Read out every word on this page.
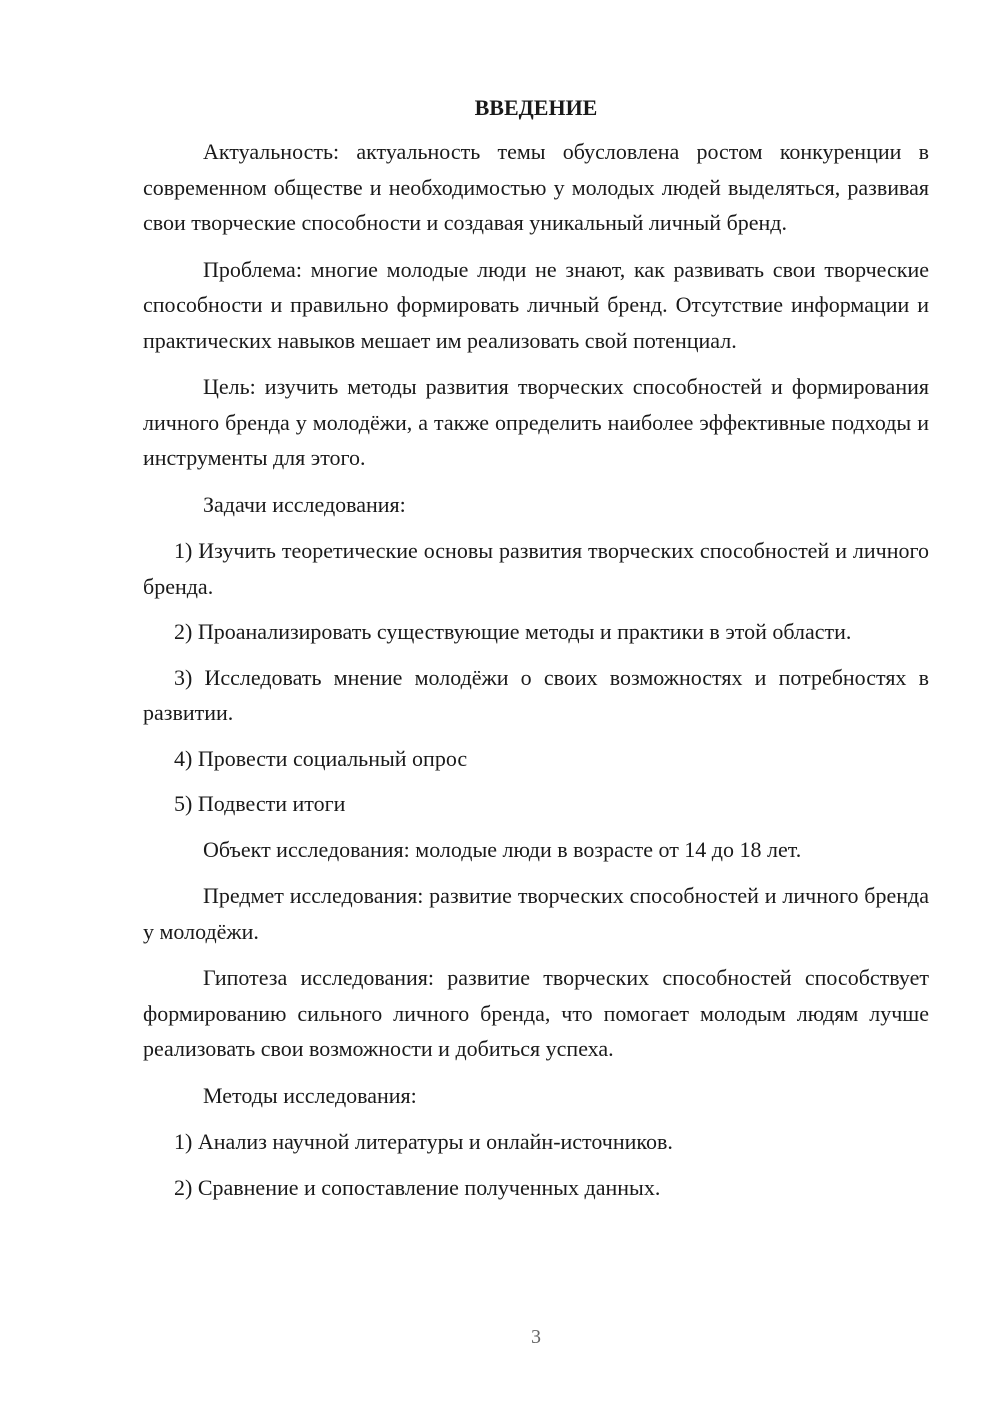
ВВЕДЕНИЕ

Актуальность: актуальность темы обусловлена ростом конкуренции в современном обществе и необходимостью у молодых людей выделяться, развивая свои творческие способности и создавая уникальный личный бренд.

Проблема: многие молодые люди не знают, как развивать свои творческие способности и правильно формировать личный бренд. Отсутствие информации и практических навыков мешает им реализовать свой потенциал.

Цель: изучить методы развития творческих способностей и формирования личного бренда у молодёжи, а также определить наиболее эффективные подходы и инструменты для этого.

Задачи исследования:

1) Изучить теоретические основы развития творческих способностей и личного бренда.

2) Проанализировать существующие методы и практики в этой области.

3) Исследовать мнение молодёжи о своих возможностях и потребностях в развитии.

4) Провести социальный опрос

5) Подвести итоги

Объект исследования: молодые люди в возрасте от 14 до 18 лет.

Предмет исследования: развитие творческих способностей и личного бренда у молодёжи.

Гипотеза исследования: развитие творческих способностей способствует формированию сильного личного бренда, что помогает молодым людям лучше реализовать свои возможности и добиться успеха.

Методы исследования:

1) Анализ научной литературы и онлайн-источников.

2) Сравнение и сопоставление полученных данных.

3
